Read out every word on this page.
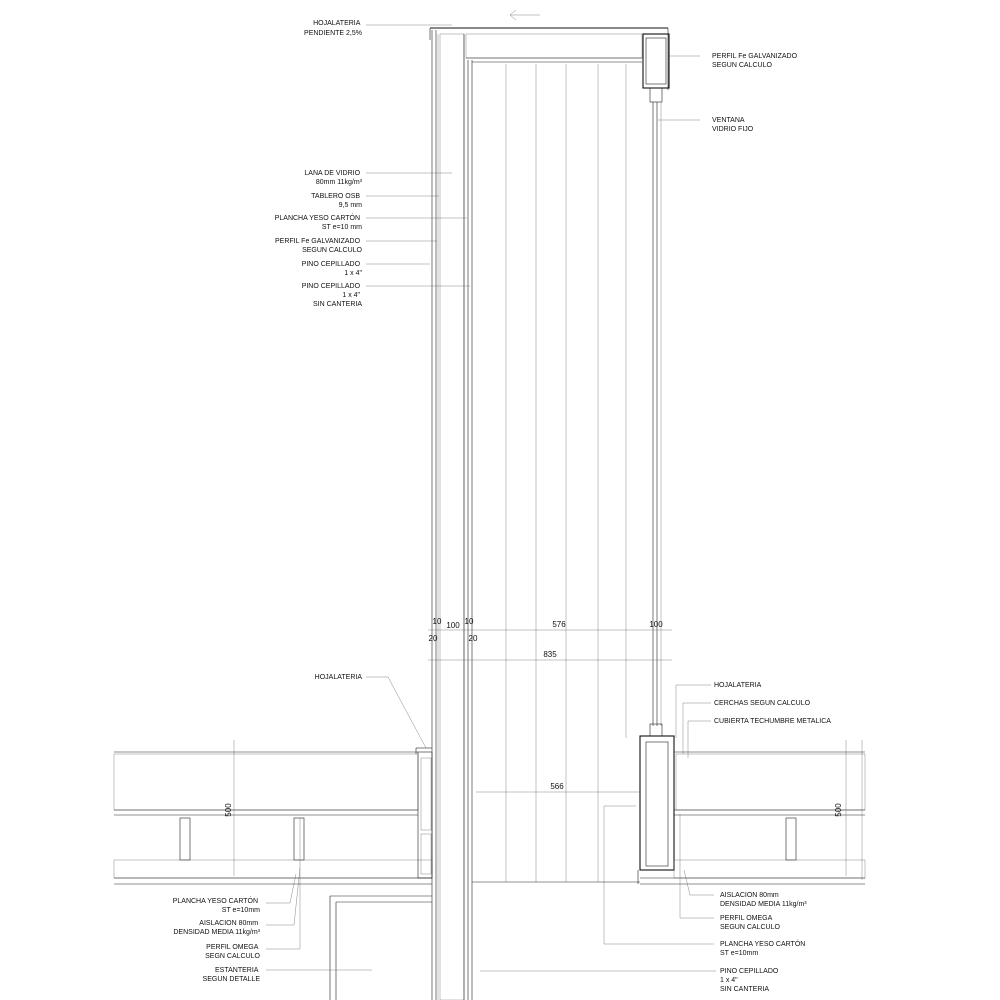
10
20
100 10
20
576	100
835
566
500	500
HOJALATERIA PENDIENTE 2,5%
LANA DE VIDRIO 80mm 11kg/m³
TABLERO OSB 9,5 mm
PLANCHA YESO CARTÓN ST e=10 mm
PERFIL Fe GALVANIZADO SEGUN CALCULO
PINO CEPILLADO 1 x 4"
PINO CEPILLADO 1 x 4" SIN CANTERIA
PERFIL Fe GALVANIZADO SEGUN CALCULO
VENTANA VIDRIO FIJO
HOJALATERIA
HOJALATERIA
CERCHAS SEGUN CALCULO
CUBIERTA TECHUMBRE METALICA
PLANCHA YESO CARTÓN ST e=10mm
AISLACION 80mm DENSIDAD MEDIA 11kg/m³
PERFIL OMEGA SEGN CALCULO
ESTANTERIA SEGUN DETALLE
AISLACION 80mm DENSIDAD MEDIA 11kg/m³
PERFIL OMEGA SEGUN CALCULO
PLANCHA YESO CARTÓN ST e=10mm
PINO CEPILLADO 1 x 4" SIN CANTERIA
